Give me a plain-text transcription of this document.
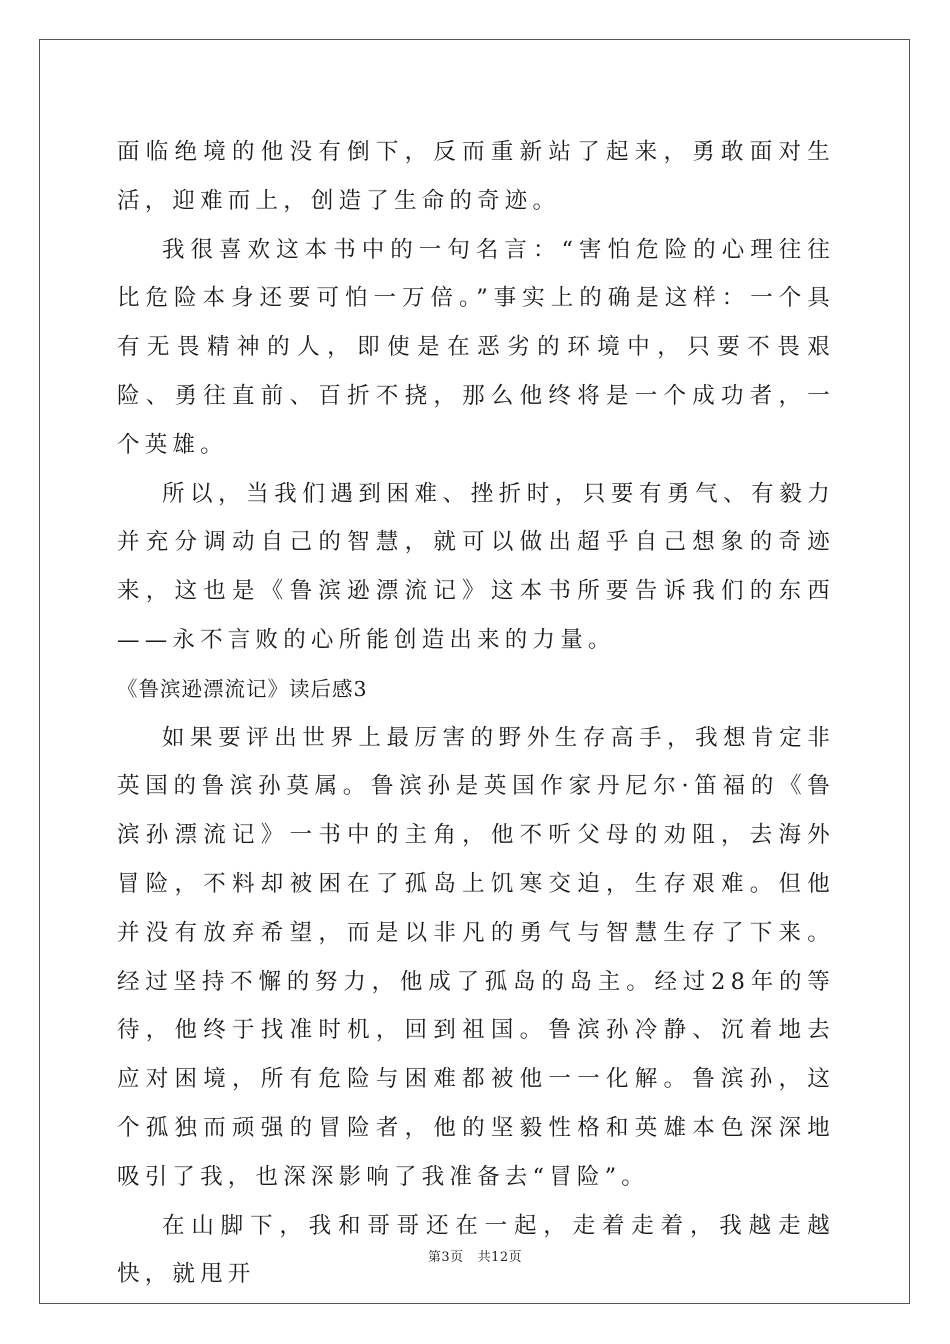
面临绝境的他没有倒下，反而重新站了起来，勇敢面对生活，迎难而上，创造了生命的奇迹。

我很喜欢这本书中的一句名言：“害怕危险的心理往往比危险本身还要可怕一万倍。”事实上的确是这样：一个具有无畏精神的人，即使是在恶劣的环境中，只要不畏艰险、勇往直前、百折不挠，那么他终将是一个成功者，一个英雄。

所以，当我们遇到困难、挫折时，只要有勇气、有毅力并充分调动自己的智慧，就可以做出超乎自己想象的奇迹来，这也是《鲁滨逊漂流记》这本书所要告诉我们的东西——永不言败的心所能创造出来的力量。

《鲁滨逊漂流记》读后感3

如果要评出世界上最厉害的野外生存高手，我想肯定非英国的鲁滨孙莫属。鲁滨孙是英国作家丹尼尔·笛福的《鲁滨孙漂流记》一书中的主角，他不听父母的劝阻，去海外冒险，不料却被困在了孤岛上饥寒交迫，生存艰难。但他并没有放弃希望，而是以非凡的勇气与智慧生存了下来。经过坚持不懈的努力，他成了孤岛的岛主。经过28年的等待，他终于找准时机，回到祖国。鲁滨孙冷静、沉着地去应对困境，所有危险与困难都被他一一化解。鲁滨孙，这个孤独而顽强的冒险者，他的坚毅性格和英雄本色深深地吸引了我，也深深影响了我准备去“冒险”。

在山脚下，我和哥哥还在一起，走着走着，我越走越快，就甩开

第3页 共12页
